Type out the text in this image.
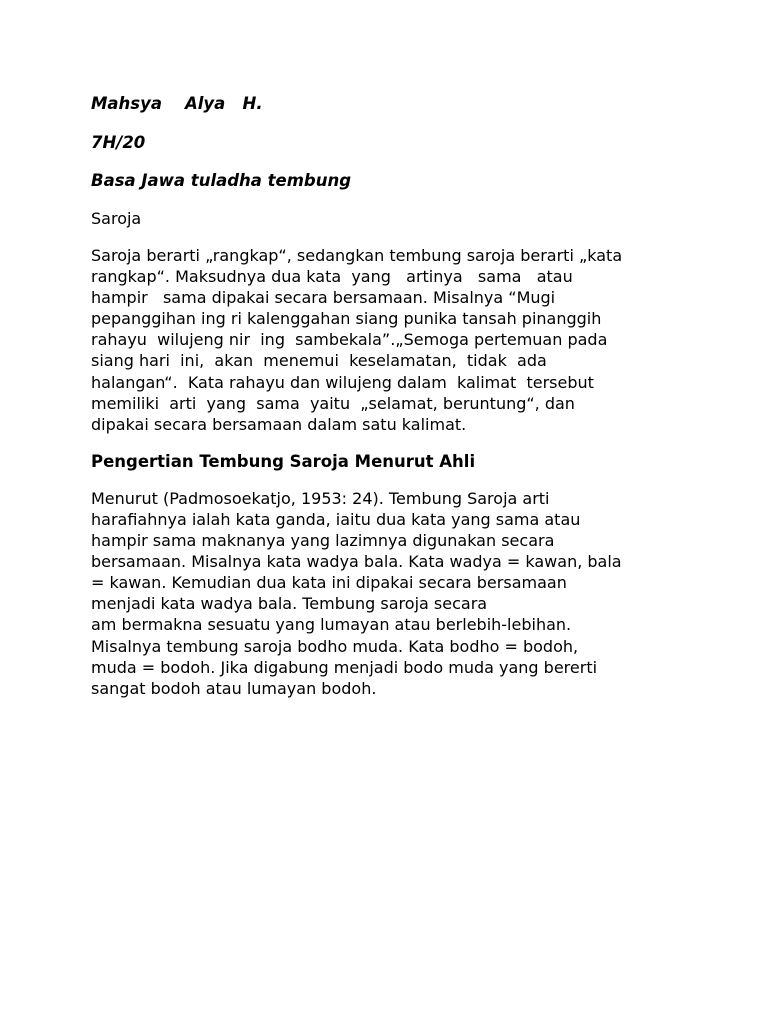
Mahsya    Alya   H.
7H/20
Basa Jawa tuladha tembung
Saroja
Saroja berarti „rangkap“, sedangkan tembung saroja berarti „kata
rangkap“. Maksudnya dua kata  yang   artinya   sama   atau
hampir   sama dipakai secara bersamaan. Misalnya “Mugi
pepanggihan ing ri kalenggahan siang punika tansah pinanggih
rahayu  wilujeng nir  ing  sambekala”.„Semoga pertemuan pada
siang hari  ini,  akan  menemui  keselamatan,  tidak  ada
halangan“.  Kata rahayu dan wilujeng dalam  kalimat  tersebut
memiliki  arti  yang  sama  yaitu  „selamat, beruntung“, dan
dipakai secara bersamaan dalam satu kalimat.
Pengertian Tembung Saroja Menurut Ahli
Menurut (Padmosoekatjo, 1953: 24). Tembung Saroja arti
harafiahnya ialah kata ganda, iaitu dua kata yang sama atau
hampir sama maknanya yang lazimnya digunakan secara
bersamaan. Misalnya kata wadya bala. Kata wadya = kawan, bala
= kawan. Kemudian dua kata ini dipakai secara bersamaan
menjadi kata wadya bala. Tembung saroja secara
am bermakna sesuatu yang lumayan atau berlebih-lebihan.
Misalnya tembung saroja bodho muda. Kata bodho = bodoh,
muda = bodoh. Jika digabung menjadi bodo muda yang bererti
sangat bodoh atau lumayan bodoh.
